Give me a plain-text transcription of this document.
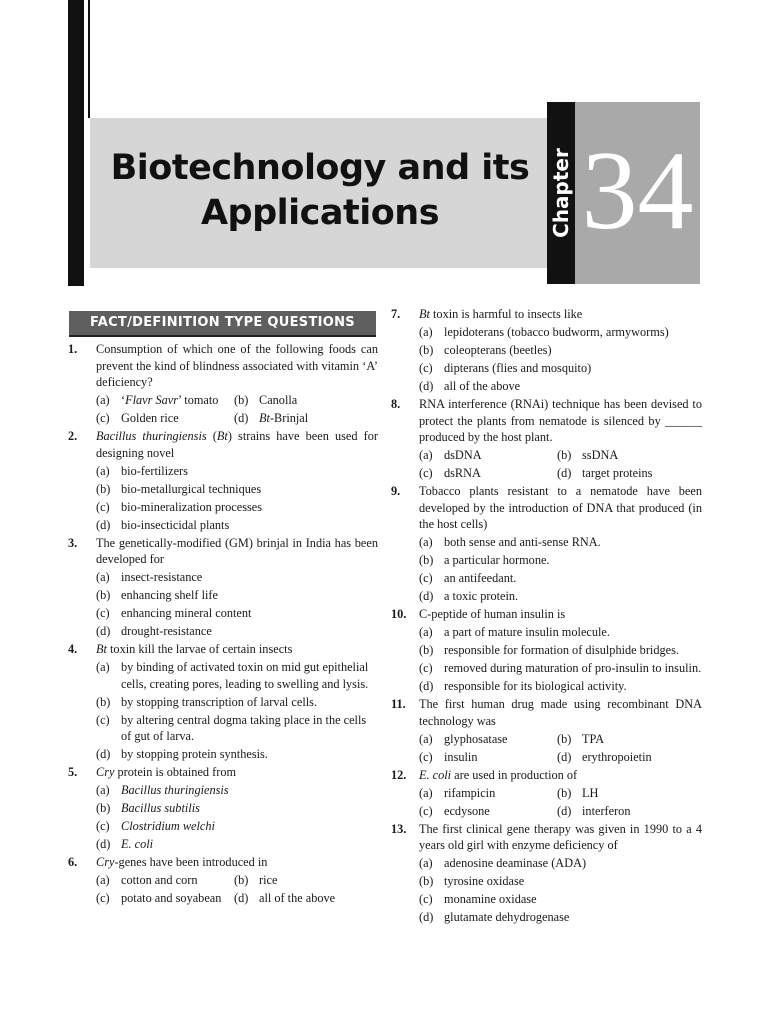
Biotechnology and its
Applications	Chapter 34
FACT/DEFINITION TYPE QUESTIONS
1. Consumption of which one of the following foods can prevent the kind of blindness associated with vitamin ‘A’ deficiency?
(a) ‘Flavr Savr’ tomato	(b) Canolla
(c) Golden rice	(d) Bt-Brinjal
2. Bacillus thuringiensis (Bt) strains have been used for designing novel
(a) bio-fertilizers
(b) bio-metallurgical techniques
(c) bio-mineralization processes
(d) bio-insecticidal plants
3. The genetically-modified (GM) brinjal in India has been developed for
(a) insect-resistance
(b) enhancing shelf life
(c) enhancing mineral content
(d) drought-resistance
4. Bt toxin kill the larvae of certain insects
(a) by binding of activated toxin on mid gut epithelial cells, creating pores, leading to swelling and lysis.
(b) by stopping transcription of larval cells.
(c) by altering central dogma taking place in the cells of gut of larva.
(d) by stopping protein synthesis.
5. Cry protein is obtained from
(a) Bacillus thuringiensis
(b) Bacillus subtilis
(c) Clostridium welchi
(d) E. coli
6. Cry-genes have been introduced in
(a) cotton and corn	(b) rice
(c) potato and soyabean	(d) all of the above
7. Bt toxin is harmful to insects like
(a) lepidoterans (tobacco budworm, armyworms)
(b) coleopterans (beetles)
(c) dipterans (flies and mosquito)
(d) all of the above
8. RNA interference (RNAi) technique has been devised to protect the plants from nematode is silenced by ______ produced by the host plant.
(a) dsDNA	(b) ssDNA
(c) dsRNA	(d) target proteins
9. Tobacco plants resistant to a nematode have been developed by the introduction of DNA that produced (in the host cells)
(a) both sense and anti-sense RNA.
(b) a particular hormone.
(c) an antifeedant.
(d) a toxic protein.
10. C-peptide of human insulin is
(a) a part of mature insulin molecule.
(b) responsible for formation of disulphide bridges.
(c) removed during maturation of pro-insulin to insulin.
(d) responsible for its biological activity.
11. The first human drug made using recombinant DNA technology was
(a) glyphosatase	(b) TPA
(c) insulin	(d) erythropoietin
12. E. coli are used in production of
(a) rifampicin	(b) LH
(c) ecdysone	(d) interferon
13. The first clinical gene therapy was given in 1990 to a 4 years old girl with enzyme deficiency of
(a) adenosine deaminase (ADA)
(b) tyrosine oxidase
(c) monamine oxidase
(d) glutamate dehydrogenase
